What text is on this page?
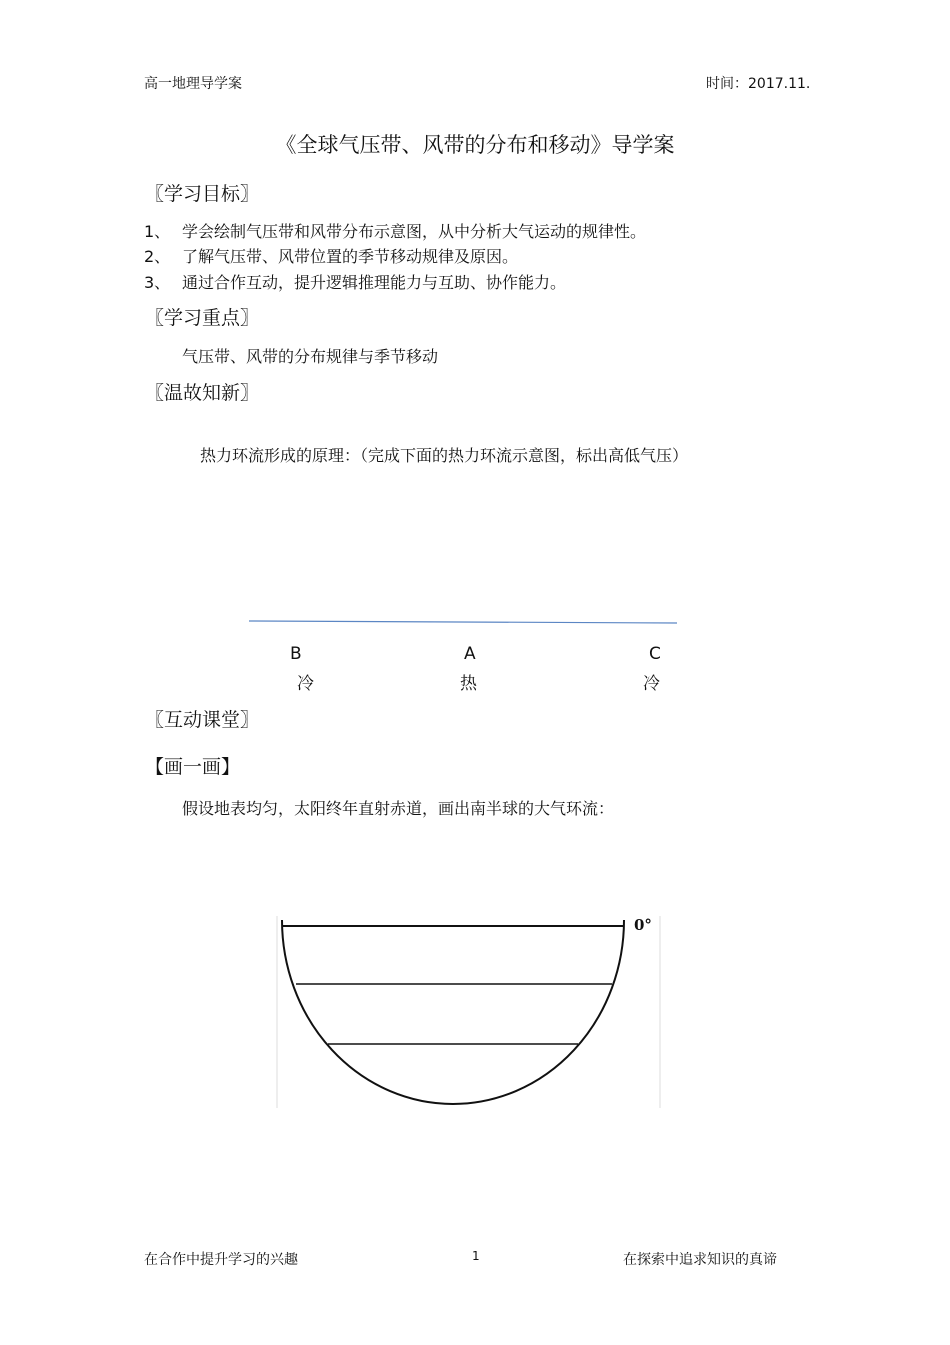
高一地理导学案	时间：2017.11.
《全球气压带、风带的分布和移动》导学案
〖学习目标〗
1、 学会绘制气压带和风带分布示意图，从中分析大气运动的规律性。
2、 了解气压带、风带位置的季节移动规律及原因。
3、 通过合作互动，提升逻辑推理能力与互助、协作能力。
〖学习重点〗
气压带、风带的分布规律与季节移动
〖温故知新〗
热力环流形成的原理：（完成下面的热力环流示意图，标出高低气压）
B	A	C
冷	热	冷
〖互动课堂〗
【画一画】
假设地表均匀，太阳终年直射赤道，画出南半球的大气环流：
0°
在合作中提升学习的兴趣	1	在探索中追求知识的真谛
